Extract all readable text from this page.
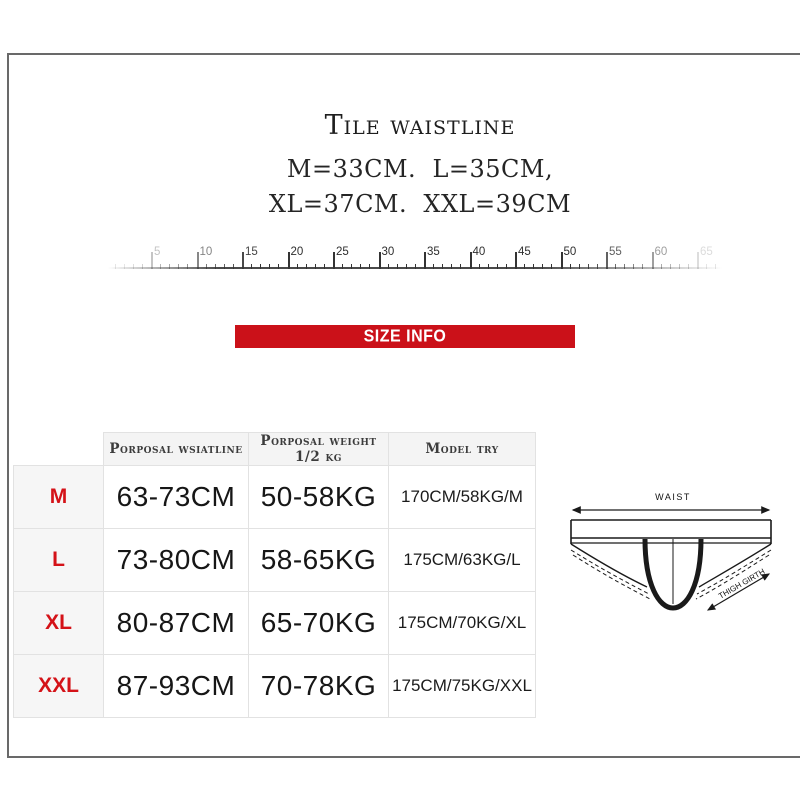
Tile waistline
M=33CM.  L=35CM,
XL=37CM.  XXL=39CM
5	10	15	20	25	30	35	40	45	50	55	60	65
SIZE INFO
	Porposal wsiatline	Porposal weight 1/2 kg	Model try
M	63-73CM	50-58KG	170CM/58KG/M
L	73-80CM	58-65KG	175CM/63KG/L
XL	80-87CM	65-70KG	175CM/70KG/XL
XXL	87-93CM	70-78KG	175CM/75KG/XXL
WAIST
THIGH GIRTH
